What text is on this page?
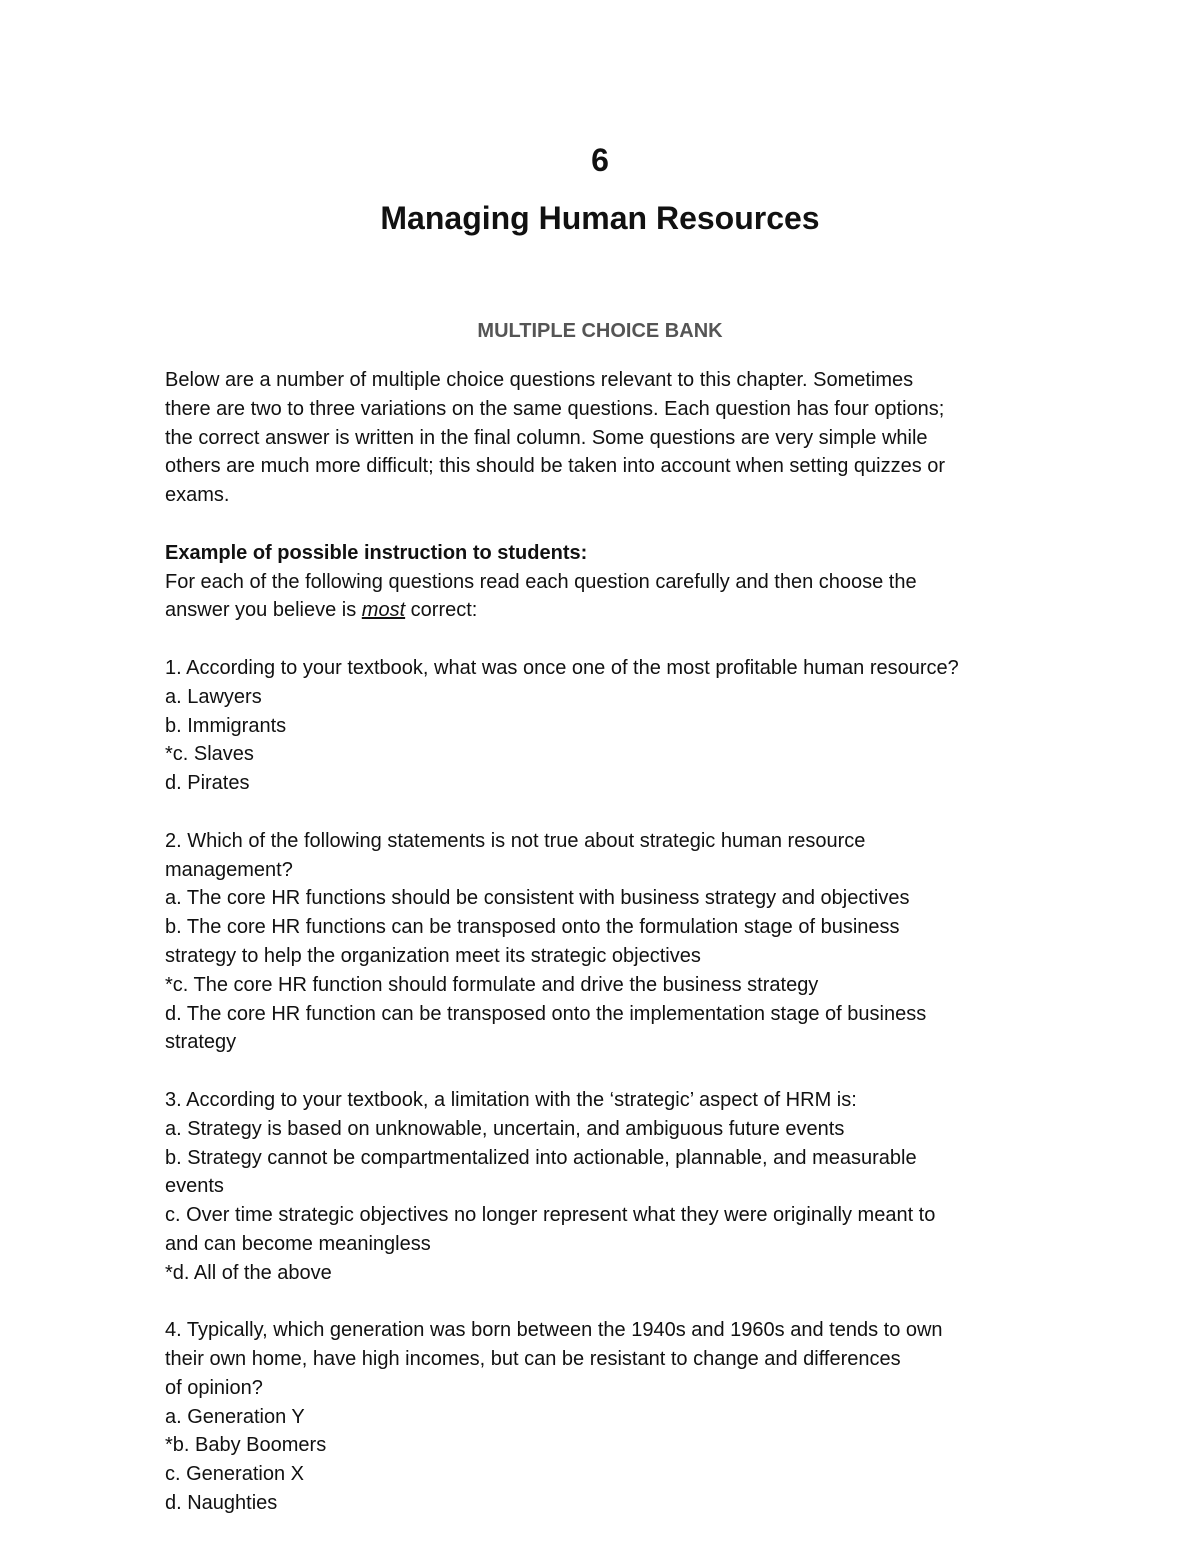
6
Managing Human Resources
MULTIPLE CHOICE BANK

Below are a number of multiple choice questions relevant to this chapter. Sometimes

there are two to three variations on the same questions. Each question has four options;

the correct answer is written in the final column. Some questions are very simple while

others are much more difficult; this should be taken into account when setting quizzes or

exams.

Example of possible instruction to students:

For each of the following questions read each question carefully and then choose the

answer you believe is most correct:

1. According to your textbook, what was once one of the most profitable human resource?

a. Lawyers

b. Immigrants

*c. Slaves

d. Pirates

2. Which of the following statements is not true about strategic human resource

management?

a. The core HR functions should be consistent with business strategy and objectives

b. The core HR functions can be transposed onto the formulation stage of business

strategy to help the organization meet its strategic objectives

*c. The core HR function should formulate and drive the business strategy

d. The core HR function can be transposed onto the implementation stage of business

strategy

3. According to your textbook, a limitation with the ‘strategic’ aspect of HRM is:

a. Strategy is based on unknowable, uncertain, and ambiguous future events

b. Strategy cannot be compartmentalized into actionable, plannable, and measurable

events

c. Over time strategic objectives no longer represent what they were originally meant to

and can become meaningless

*d. All of the above

4. Typically, which generation was born between the 1940s and 1960s and tends to own

their own home, have high incomes, but can be resistant to change and differences

of opinion?

a. Generation Y

*b. Baby Boomers

c. Generation X

d. Naughties
